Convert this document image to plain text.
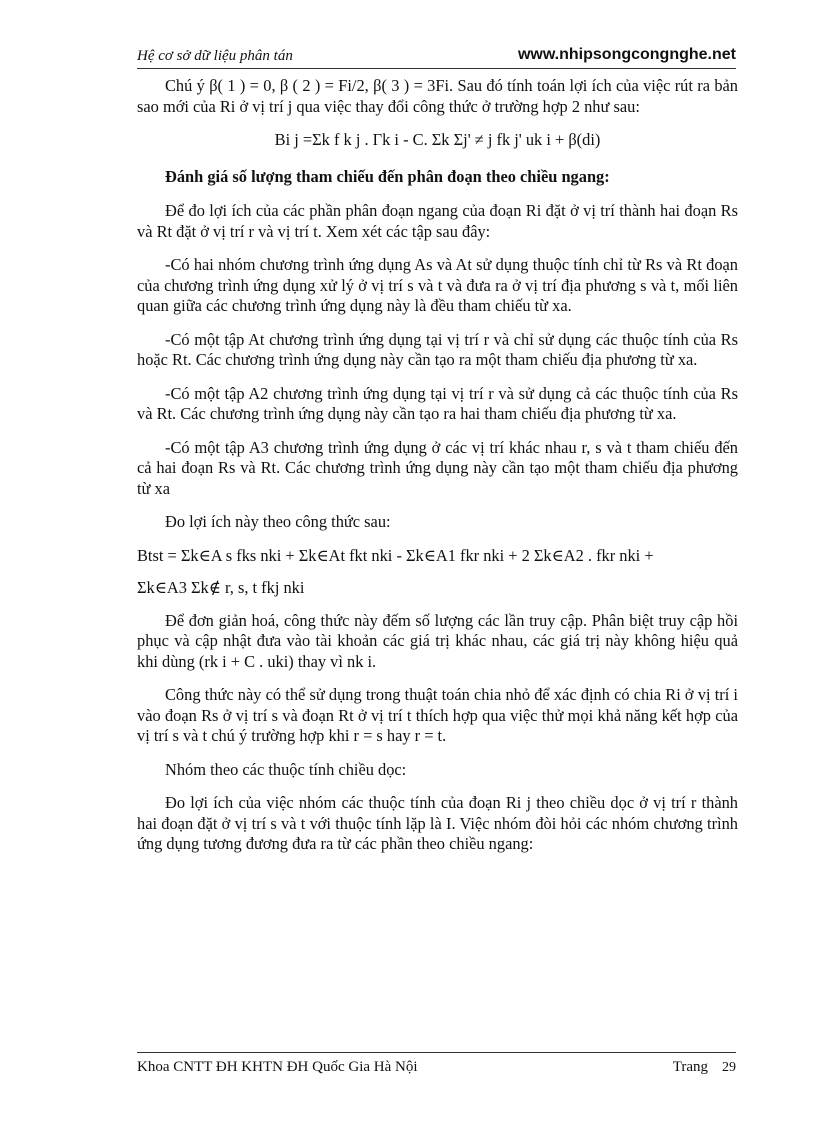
Hệ cơ sở dữ liệu phân tán	www.nhipsongcongnghe.net

Chú ý β( 1 ) = 0, β ( 2 ) = Fi/2, β( 3 ) = 3Fi. Sau đó tính toán lợi ích của việc rút ra bản sao mới của Ri ở vị trí j qua việc thay đổi công thức ở trường hợp 2 như sau:

Bi j =Σk f k j . Γk i - C. Σk Σj' ≠ j fk j' uk i + β(di)

Đánh giá số lượng tham chiếu đến phân đoạn theo chiều ngang:

Để đo lợi ích của các phần phân đoạn ngang của đoạn Ri đặt ở vị trí thành hai đoạn Rs và Rt đặt ở vị trí r và vị trí t. Xem xét các tập sau đây:

-Có hai nhóm chương trình ứng dụng As và At sử dụng thuộc tính chỉ từ Rs và Rt đoạn của chương trình ứng dụng xử lý ở vị trí s và t và đưa ra ở vị trí địa phương s và t, mối liên quan giữa các chương trình ứng dụng này là đều tham chiếu từ xa.

-Có một tập At chương trình ứng dụng tại vị trí r và chỉ sử dụng các thuộc tính của Rs hoặc Rt. Các chương trình ứng dụng này cần tạo ra một tham chiếu địa phương từ xa.

-Có một tập A2 chương trình ứng dụng tại vị trí r và sử dụng cả các thuộc tính của Rs và Rt. Các chương trình ứng dụng này cần tạo ra hai tham chiếu địa phương từ xa.

-Có một tập A3 chương trình ứng dụng ở các vị trí khác nhau r, s và t tham chiếu đến cả hai đoạn Rs và Rt. Các chương trình ứng dụng này cần tạo một tham chiếu địa phương từ xa

Đo lợi ích này theo công thức sau:

Btst = Σk∈A s fks nki + Σk∈At fkt nki - Σk∈A1 fkr nki + 2 Σk∈A2 . fkr nki +

Σk∈A3 Σk∉ r, s, t fkj nki

Để đơn giản hoá, công thức này đếm số lượng các lần truy cập. Phân biệt truy cập hồi phục và cập nhật đưa vào tài khoản các giá trị khác nhau, các giá trị này không hiệu quả khi dùng (rk i + C . uki) thay vì nk i.

Công thức này có thể sử dụng trong thuật toán chia nhỏ để xác định có chia Ri ở vị trí i vào đoạn Rs ở vị trí s và đoạn Rt ở vị trí t thích hợp qua việc thử mọi khả năng kết hợp của vị trí s và t chú ý trường hợp khi r = s hay r = t.

Nhóm theo các thuộc tính chiều dọc:

Đo lợi ích của việc nhóm các thuộc tính của đoạn Ri j theo chiều dọc ở vị trí r thành hai đoạn đặt ở vị trí s và t với thuộc tính lặp là I. Việc nhóm đòi hỏi các nhóm chương trình ứng dụng tương đương đưa ra từ các phần theo chiều ngang:

Khoa CNTT ĐH KHTN ĐH Quốc Gia Hà Nội	Trang 29
